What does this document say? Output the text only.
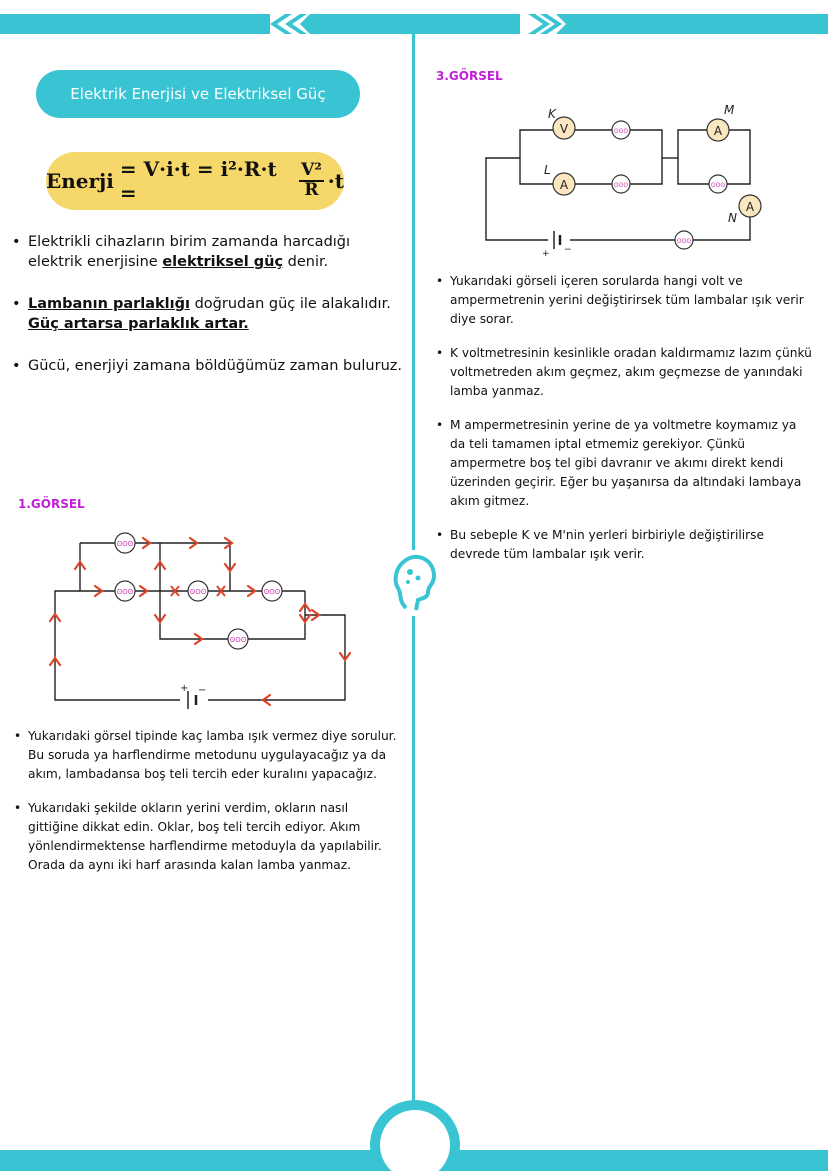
Elektrik Enerjisi ve Elektriksel Güç
Enerji = V·i·t = i²·R·t =	$\frac{\text{V²}}{R} \cdot t$
• Elektrikli cihazların birim zamanda harcadığı elektrik enerjisine elektriksel güç denir.
• Lambanın parlaklığı doğrudan güç ile alakalıdır.
Güç artarsa parlaklık artar.
• Gücü, enerjiyi zamana böldüğümüz zaman buluruz.
1.GÖRSEL
ʘʘʘ
ʘʘʘ	ʘʘʘ	ʘʘʘ
ʘʘʘ
+ −
• Yukarıdaki görsel tipinde kaç lamba ışık vermez diye sorulur. Bu soruda ya harflendirme metodunu uygulayacağız ya da akım, lambadansa boş teli tercih eder kuralını yapacağız.
• Yukarıdaki şekilde okların yerini verdim, okların nasıl gittiğine dikkat edin. Oklar, boş teli tercih ediyor. Akım yönlendirmektense harflendirme metoduyla da yapılabilir. Orada da aynı iki harf arasında kalan lamba yanmaz.
3.GÖRSEL
V
K
A
L
A
M
A
N
ʘʘʘ
ʘʘʘ	ʘʘʘ
ʘʘʘ
+ −
• Yukarıdaki görseli içeren sorularda hangi volt ve ampermetrenin yerini değiştirirsek tüm lambalar ışık verir diye sorar.
• K voltmetresinin kesinlikle oradan kaldırmamız lazım çünkü voltmetreden akım geçmez, akım geçmezse de yanındaki lamba yanmaz.
• M ampermetresinin yerine de ya voltmetre koymamız ya da teli tamamen iptal etmemiz gerekiyor. Çünkü ampermetre boş tel gibi davranır ve akımı direkt kendi üzerinden geçirir. Eğer bu yaşanırsa da altındaki lambaya akım gitmez.
• Bu sebeple K ve M'nin yerleri birbiriyle değiştirilirse devrede tüm lambalar ışık verir.
